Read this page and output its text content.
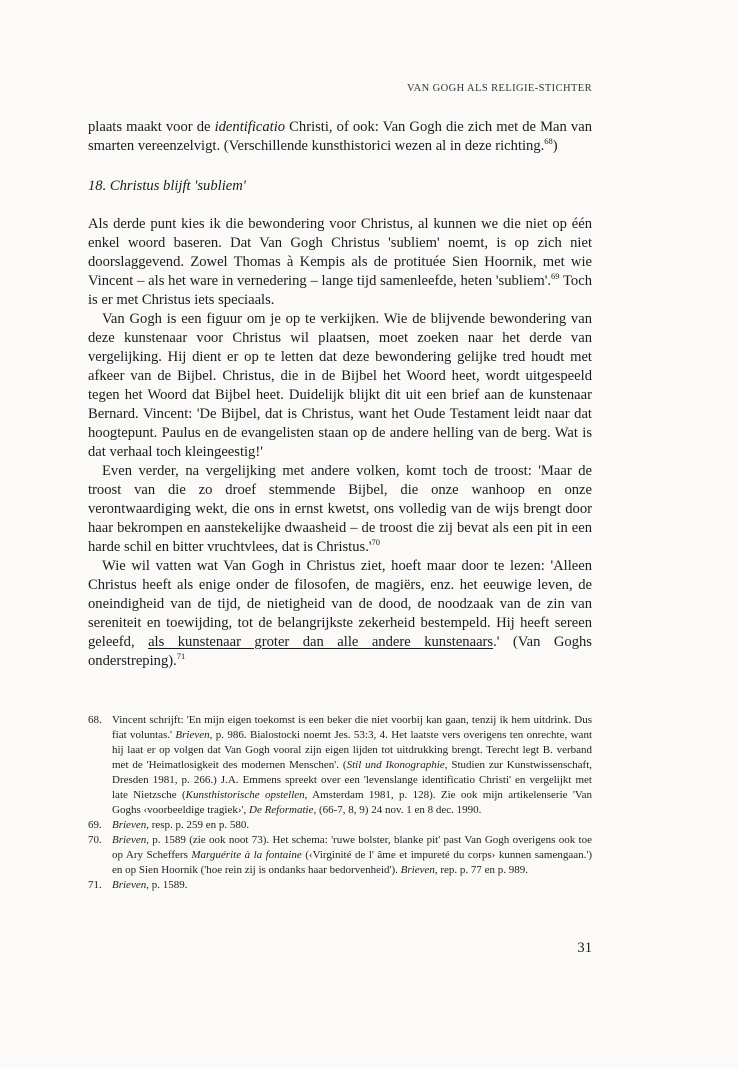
VAN GOGH ALS RELIGIE-STICHTER

plaats maakt voor de identificatio Christi, of ook: Van Gogh die zich met de Man van smarten vereenzelvigt. (Verschillende kunsthistorici wezen al in deze richting.$^{68}$)

18. Christus blijft 'subliem'

Als derde punt kies ik die bewondering voor Christus, al kunnen we die niet op één enkel woord baseren. Dat Van Gogh Christus 'subliem' noemt, is op zich niet doorslaggevend. Zowel Thomas à Kempis als de protituée Sien Hoornik, met wie Vincent – als het ware in vernedering – lange tijd samenleefde, heten 'subliem'.$^{69}$ Toch is er met Christus iets speciaals.

Van Gogh is een figuur om je op te verkijken. Wie de blijvende bewondering van deze kunstenaar voor Christus wil plaatsen, moet zoeken naar het derde van vergelijking. Hij dient er op te letten dat deze bewondering gelijke tred houdt met afkeer van de Bijbel. Christus, die in de Bijbel het Woord heet, wordt uitgespeeld tegen het Woord dat Bijbel heet. Duidelijk blijkt dit uit een brief aan de kunstenaar Bernard. Vincent: 'De Bijbel, dat is Christus, want het Oude Testament leidt naar dat hoogtepunt. Paulus en de evangelisten staan op de andere helling van de berg. Wat is dat verhaal toch kleingeestig!'

Even verder, na vergelijking met andere volken, komt toch de troost: 'Maar de troost van die zo droef stemmende Bijbel, die onze wanhoop en onze verontwaardiging wekt, die ons in ernst kwetst, ons volledig van de wijs brengt door haar bekrompen en aanstekelijke dwaasheid – de troost die zij bevat als een pit in een harde schil en bitter vruchtvlees, dat is $Christus.'^{70}$

Wie wil vatten wat Van Gogh in Christus ziet, hoeft maar door te lezen: 'Alleen Christus heeft als enige onder de filosofen, de magiërs, enz. het eeuwige leven, de oneindigheid van de tijd, de nietigheid van de dood, de noodzaak van de zin van sereniteit en toewijding, tot de belangrijkste zekerheid bestempeld. Hij heeft sereen geleefd, als kunstenaar groter dan alle andere kunstenaars.' (Van Goghs onderstreping).$^{71}$

68. Vincent schrijft: 'En mijn eigen toekomst is een beker die niet voorbij kan gaan, tenzij ik hem uitdrink. Dus fiat voluntas.' Brieven, p. 986. Bialostocki noemt Jes. 53:3, 4. Het laatste vers overigens ten onrechte, want hij laat er op volgen dat Van Gogh vooral zijn eigen lijden tot uitdrukking brengt. Terecht legt B. verband met de 'Heimatlosigkeit des modernen Menschen'. (Stil und Ikonographie, Studien zur Kunstwissenschaft, Dresden 1981, p. 266.) J.A. Emmens spreekt over een 'levenslange identificatio Christi' en vergelijkt met late Nietzsche (Kunsthistorische opstellen, Amsterdam 1981, p. 128). Zie ook mijn artikelenserie 'Van Goghs ‹voorbeeldige tragiek›', De Reformatie, (66-7, 8, 9) 24 nov. 1 en 8 dec. 1990.
69. Brieven, resp. p. 259 en p. 580.
70. Brieven, p. 1589 (zie ook noot 73). Het schema: 'ruwe bolster, blanke pit' past Van Gogh overigens ook toe op Ary Scheffers Marguérite à la fontaine (‹Virginité de l' âme et impureté du corps› kunnen samengaan.') en op Sien Hoornik ('hoe rein zij is ondanks haar bedorvenheid'). Brieven, rep. p. 77 en p. 989.
71. Brieven, p. 1589.
31
